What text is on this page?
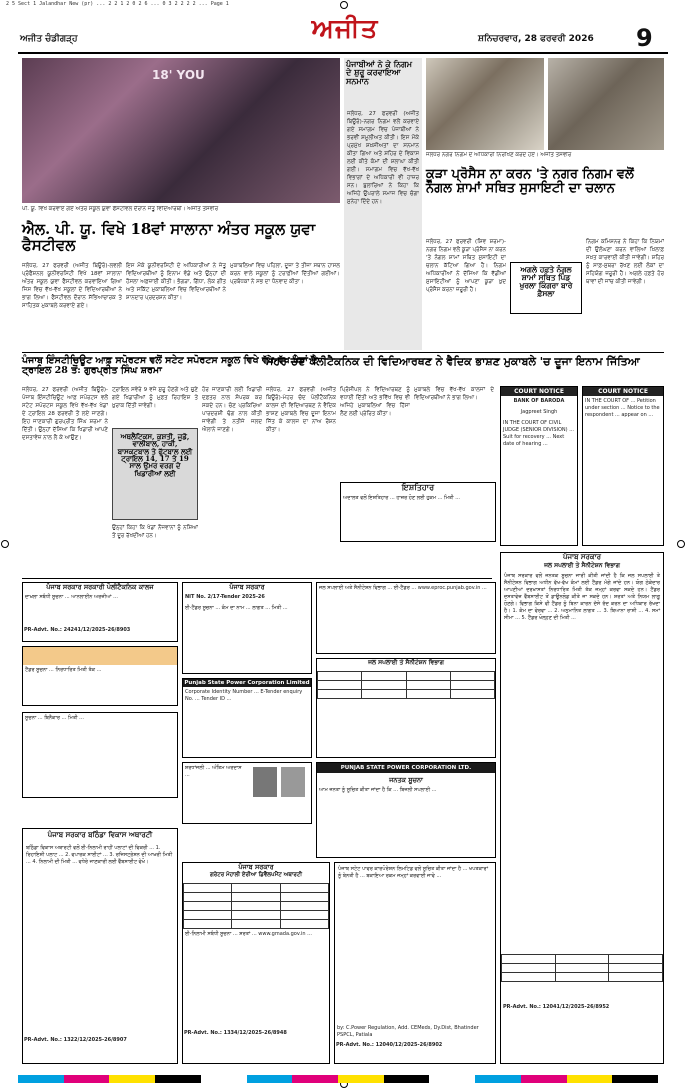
2 5 Sect 1 Jalandhar New (pr) ... 2 2 1 2 0 2 6 ... 0 3 2 2 2 2 ... Page 1
ਅਜੀਤ ਚੰਡੀਗੜ੍ਹ	ਅਜੀਤ	ਸ਼ਨਿਚਰਵਾਰ, 28 ਫਰਵਰੀ 2026 9
18' YOU
ਪੀ. ਯੂ. ਵਿਖੇ ਕਰਵਾਏ ਗਏ ਅੰਤਰ ਸਕੂਲ ਯੁਵਾ ਫੈਸਟੀਵਲ ਦੌਰਾਨ ਜੇਤੂ ਵਿਦਿਆਰਥੀ। ਅਜੀਤ ਤਸਵੀਰ
ਐਲ. ਪੀ. ਯੂ. ਵਿਖੇ 18ਵਾਂ ਸਾਲਾਨਾ ਅੰਤਰ ਸਕੂਲ ਯੁਵਾ ਫੈਸਟੀਵਲ
ਜਲੰਧਰ, 27 ਫਰਵਰੀ (ਅਜੀਤ ਬਿਊਰੋ)-ਲਵਲੀ ਪ੍ਰੋਫੈਸ਼ਨਲ ਯੂਨੀਵਰਸਿਟੀ ਵਿਖੇ 18ਵਾਂ ਸਾਲਾਨਾ ਅੰਤਰ ਸਕੂਲ ਯੁਵਾ ਫੈਸਟੀਵਲ ਕਰਵਾਇਆ ਗਿਆ ਜਿਸ ਵਿਚ ਵੱਖ-ਵੱਖ ਸਕੂਲਾਂ ਦੇ ਵਿਦਿਆਰਥੀਆਂ ਨੇ ਭਾਗ ਲਿਆ। ਫੈਸਟੀਵਲ ਦੌਰਾਨ ਸੱਭਿਆਚਾਰਕ ਤੇ ਸਾਹਿਤਕ ਮੁਕਾਬਲੇ ਕਰਵਾਏ ਗਏ।
ਇਸ ਮੌਕੇ ਯੂਨੀਵਰਸਿਟੀ ਦੇ ਅਧਿਕਾਰੀਆਂ ਨੇ ਜੇਤੂ ਵਿਦਿਆਰਥੀਆਂ ਨੂੰ ਇਨਾਮ ਵੰਡੇ ਅਤੇ ਉਨ੍ਹਾਂ ਦੀ ਹੌਸਲਾ ਅਫ਼ਜ਼ਾਈ ਕੀਤੀ। ਭੰਗੜਾ, ਗਿੱਧਾ, ਲੋਕ ਗੀਤ ਅਤੇ ਸਕਿੱਟ ਮੁਕਾਬਲਿਆਂ ਵਿਚ ਵਿਦਿਆਰਥੀਆਂ ਨੇ ਸ਼ਾਨਦਾਰ ਪ੍ਰਦਰਸ਼ਨ ਕੀਤਾ।
ਮੁਕਾਬਲਿਆਂ ਵਿਚ ਪਹਿਲਾ, ਦੂਜਾ ਤੇ ਤੀਜਾ ਸਥਾਨ ਹਾਸਲ ਕਰਨ ਵਾਲੇ ਸਕੂਲਾਂ ਨੂੰ ਟਰਾਫ਼ੀਆਂ ਦਿੱਤੀਆਂ ਗਈਆਂ। ਪ੍ਰਬੰਧਕਾਂ ਨੇ ਸਭ ਦਾ ਧੰਨਵਾਦ ਕੀਤਾ।
ਪੰਜਾਬੀਆਂ ਨੇ ਕੇ ਨਿਗਮ ਦੇ ਸ਼ੁਰੂ ਕਰਵਾਇਆ ਸਨਮਾਨ
ਜਲੰਧਰ, 27 ਫਰਵਰੀ (ਅਜੀਤ ਬਿਊਰੋ)-ਨਗਰ ਨਿਗਮ ਵਲੋਂ ਕਰਵਾਏ ਗਏ ਸਮਾਗਮ ਵਿਚ ਪੰਜਾਬੀਆਂ ਨੇ ਭਰਵੀਂ ਸ਼ਮੂਲੀਅਤ ਕੀਤੀ। ਇਸ ਮੌਕੇ ਪ੍ਰਮੁੱਖ ਸ਼ਖ਼ਸੀਅਤਾਂ ਦਾ ਸਨਮਾਨ ਕੀਤਾ ਗਿਆ ਅਤੇ ਸ਼ਹਿਰ ਦੇ ਵਿਕਾਸ ਲਈ ਕੀਤੇ ਕੰਮਾਂ ਦੀ ਸ਼ਲਾਘਾ ਕੀਤੀ ਗਈ। ਸਮਾਗਮ ਵਿਚ ਵੱਖ-ਵੱਖ ਵਿਭਾਗਾਂ ਦੇ ਅਧਿਕਾਰੀ ਵੀ ਹਾਜ਼ਰ ਸਨ। ਬੁਲਾਰਿਆਂ ਨੇ ਕਿਹਾ ਕਿ ਅਜਿਹੇ ਉਪਰਾਲੇ ਸਮਾਜ ਵਿਚ ਚੰਗਾ ਸੁਨੇਹਾ ਦਿੰਦੇ ਹਨ।
ਜਲੰਧਰ ਨਗਰ ਨਿਗਮ ਦੇ ਅਧਿਕਾਰੀ ਨਿਰੀਖਣ ਕਰਦੇ ਹੋਏ। ਅਜੀਤ ਤਸਵੀਰ
ਕੂੜਾ ਪ੍ਰੋਸੈਸ ਨਾ ਕਰਨ 'ਤੇ ਨਗਰ ਨਿਗਮ ਵਲੋਂ ਨੰਗਲ ਸ਼ਾਮਾਂ ਸਥਿਤ ਸੁਸਾਇਟੀ ਦਾ ਚਲਾਨ
ਜਲੰਧਰ, 27 ਫਰਵਰੀ (ਸ਼ਿਵ ਸ਼ਰਮਾ)-ਨਗਰ ਨਿਗਮ ਵਲੋਂ ਕੂੜਾ ਪ੍ਰੋਸੈਸ ਨਾ ਕਰਨ 'ਤੇ ਨੰਗਲ ਸ਼ਾਮਾਂ ਸਥਿਤ ਸੁਸਾਇਟੀ ਦਾ ਚਲਾਨ ਕੱਟਿਆ ਗਿਆ ਹੈ। ਨਿਗਮ ਅਧਿਕਾਰੀਆਂ ਨੇ ਦੱਸਿਆ ਕਿ ਵੱਡੀਆਂ ਸੁਸਾਇਟੀਆਂ ਨੂੰ ਆਪਣਾ ਕੂੜਾ ਖ਼ੁਦ ਪ੍ਰੋਸੈਸ ਕਰਨਾ ਜ਼ਰੂਰੀ ਹੈ।
ਅਗਲੇ ਹਫ਼ਤੇ ਨੰਗਲ ਸ਼ਾਮਾਂ ਸਥਿਤ ਪਿੰਡ ਖੁਰਲਾ ਕਿੰਗਰਾ ਬਾਰੇ ਫ਼ੈਸਲਾ
ਨਿਗਮ ਕਮਿਸ਼ਨਰ ਨੇ ਕਿਹਾ ਕਿ ਨਿਯਮਾਂ ਦੀ ਉਲੰਘਣਾ ਕਰਨ ਵਾਲਿਆਂ ਖ਼ਿਲਾਫ਼ ਸਖ਼ਤ ਕਾਰਵਾਈ ਕੀਤੀ ਜਾਵੇਗੀ। ਸ਼ਹਿਰ ਨੂੰ ਸਾਫ਼-ਸੁਥਰਾ ਰੱਖਣ ਲਈ ਲੋਕਾਂ ਦਾ ਸਹਿਯੋਗ ਜ਼ਰੂਰੀ ਹੈ। ਅਗਲੇ ਹਫ਼ਤੇ ਹੋਰ ਥਾਵਾਂ ਦੀ ਜਾਂਚ ਕੀਤੀ ਜਾਵੇਗੀ।
ਪੰਜਾਬ ਇੰਸਟੀਚਿਊਟ ਆਫ਼ ਸਪੋਰਟਸ ਵਲੋਂ ਸਟੇਟ ਸਪੋਰਟਸ ਸਕੂਲ ਵਿਖੇ ਵੱਖ-ਵੱਖ ਖੇਡਾਂ ਦੇ ਟ੍ਰਾਇਲ 28 ਤੋਂ: ਗੁਰਪ੍ਰੀਤ ਸਿੰਘ ਸ਼ਰਮਾ
ਜਲੰਧਰ, 27 ਫਰਵਰੀ (ਅਜੀਤ ਬਿਊਰੋ)-ਪੰਜਾਬ ਇੰਸਟੀਚਿਊਟ ਆਫ਼ ਸਪੋਰਟਸ ਵਲੋਂ ਸਟੇਟ ਸਪੋਰਟਸ ਸਕੂਲ ਵਿਖੇ ਵੱਖ-ਵੱਖ ਖੇਡਾਂ ਦੇ ਟ੍ਰਾਇਲ 28 ਫਰਵਰੀ ਤੋਂ ਲਏ ਜਾਣਗੇ। ਇਹ ਜਾਣਕਾਰੀ ਗੁਰਪ੍ਰੀਤ ਸਿੰਘ ਸ਼ਰਮਾ ਨੇ ਦਿੱਤੀ। ਉਨ੍ਹਾਂ ਦੱਸਿਆ ਕਿ ਖਿਡਾਰੀ ਆਪਣੇ ਦਸਤਾਵੇਜ਼ ਨਾਲ ਲੈ ਕੇ ਆਉਣ।
ਟ੍ਰਾਇਲ ਸਵੇਰੇ 9 ਵਜੇ ਸ਼ੁਰੂ ਹੋਣਗੇ ਅਤੇ ਚੁਣੇ ਗਏ ਖਿਡਾਰੀਆਂ ਨੂੰ ਮੁਫ਼ਤ ਰਿਹਾਇਸ਼ ਤੇ ਖ਼ੁਰਾਕ ਦਿੱਤੀ ਜਾਵੇਗੀ।
ਅਥਲੈਟਿਕਸ, ਕੁਸ਼ਤੀ, ਜੂਡੋ, ਵਾਲੀਬਾਲ, ਹਾਕੀ, ਬਾਸਕਟਬਾਲ ਤੇ ਫੁੱਟਬਾਲ ਲਈ ਟ੍ਰਾਇਲ 14, 17 ਤੇ 19 ਸਾਲ ਉਮਰ ਵਰਗ ਦੇ ਖਿਡਾਰੀਆਂ ਲਈ
ਉਨ੍ਹਾਂ ਕਿਹਾ ਕਿ ਖੇਡਾਂ ਨੌਜਵਾਨਾਂ ਨੂੰ ਨਸ਼ਿਆਂ ਤੋਂ ਦੂਰ ਰੱਖਦੀਆਂ ਹਨ।
ਹੋਰ ਜਾਣਕਾਰੀ ਲਈ ਖਿਡਾਰੀ ਦਫ਼ਤਰ ਨਾਲ ਸੰਪਰਕ ਕਰ ਸਕਦੇ ਹਨ। ਚੋਣ ਪ੍ਰਕਿਰਿਆ ਪਾਰਦਰਸ਼ੀ ਢੰਗ ਨਾਲ ਕੀਤੀ ਜਾਵੇਗੀ ਤੇ ਨਤੀਜੇ ਜਲਦ ਐਲਾਨੇ ਜਾਣਗੇ।
ਮੇਹਰ ਚੰਦ ਪੋਲੀਟੈਕਨਿਕ ਦੀ ਵਿਦਿਆਰਥਣ ਨੇ ਵੈਦਿਕ ਭਾਸ਼ਣ ਮੁਕਾਬਲੇ 'ਚ ਦੂਜਾ ਇਨਾਮ ਜਿੱਤਿਆ
ਜਲੰਧਰ, 27 ਫਰਵਰੀ (ਅਜੀਤ ਬਿਊਰੋ)-ਮੇਹਰ ਚੰਦ ਪੋਲੀਟੈਕਨਿਕ ਕਾਲਜ ਦੀ ਵਿਦਿਆਰਥਣ ਨੇ ਵੈਦਿਕ ਭਾਸ਼ਣ ਮੁਕਾਬਲੇ ਵਿਚ ਦੂਜਾ ਇਨਾਮ ਜਿੱਤ ਕੇ ਕਾਲਜ ਦਾ ਨਾਂਅ ਰੌਸ਼ਨ ਕੀਤਾ।
ਪ੍ਰਿੰਸੀਪਲ ਨੇ ਵਿਦਿਆਰਥਣ ਨੂੰ ਵਧਾਈ ਦਿੱਤੀ ਅਤੇ ਭਵਿੱਖ ਵਿਚ ਵੀ ਅਜਿਹੇ ਮੁਕਾਬਲਿਆਂ ਵਿਚ ਹਿੱਸਾ ਲੈਣ ਲਈ ਪ੍ਰੇਰਿਤ ਕੀਤਾ।
ਮੁਕਾਬਲੇ ਵਿਚ ਵੱਖ-ਵੱਖ ਕਾਲਜਾਂ ਦੇ ਵਿਦਿਆਰਥੀਆਂ ਨੇ ਭਾਗ ਲਿਆ।
COURT NOTICE
BANK OF BARODA
Jagpreet Singh
IN THE COURT OF CIVIL JUDGE (SENIOR DIVISION) ... Suit for recovery ... Next date of hearing ...
COURT NOTICE
IN THE COURT OF ... Petition under section ... Notice to the respondent ... appear on ...
ਇਸ਼ਤਿਹਾਰ
ਅਦਾਲਤ ਵਲੋਂ ਇਸ਼ਤਿਹਾਰ ... ਹਾਜ਼ਰ ਹੋਣ ਲਈ ਹੁਕਮ ... ਮਿਤੀ ...
ਪੰਜਾਬ ਸਰਕਾਰ
ਜਲ ਸਪਲਾਈ ਤੇ ਸੈਨੀਟੇਸ਼ਨ ਵਿਭਾਗ
ਪੰਜਾਬ ਸਰਕਾਰ ਵਲੋਂ ਜਨਤਕ ਸੂਚਨਾ ਜਾਰੀ ਕੀਤੀ ਜਾਂਦੀ ਹੈ ਕਿ ਜਲ ਸਪਲਾਈ ਤੇ ਸੈਨੀਟੇਸ਼ਨ ਵਿਭਾਗ ਅਧੀਨ ਵੱਖ-ਵੱਖ ਕੰਮਾਂ ਲਈ ਟੈਂਡਰ ਮੰਗੇ ਜਾਂਦੇ ਹਨ। ਯੋਗ ਠੇਕੇਦਾਰ ਆਪਣੀਆਂ ਦਰਖ਼ਾਸਤਾਂ ਨਿਰਧਾਰਿਤ ਮਿਤੀ ਤੱਕ ਜਮ੍ਹਾਂ ਕਰਵਾ ਸਕਦੇ ਹਨ। ਟੈਂਡਰ ਦਸਤਾਵੇਜ਼ ਵੈੱਬਸਾਈਟ ਤੋਂ ਡਾਊਨਲੋਡ ਕੀਤੇ ਜਾ ਸਕਦੇ ਹਨ। ਸ਼ਰਤਾਂ ਅਤੇ ਨਿਯਮ ਲਾਗੂ ਹੋਣਗੇ। ਵਿਭਾਗ ਕਿਸੇ ਵੀ ਟੈਂਡਰ ਨੂੰ ਬਿਨਾ ਕਾਰਨ ਦੱਸੇ ਰੱਦ ਕਰਨ ਦਾ ਅਧਿਕਾਰ ਰੱਖਦਾ ਹੈ। 1. ਕੰਮ ਦਾ ਵੇਰਵਾ ... 2. ਅਨੁਮਾਨਿਤ ਲਾਗਤ ... 3. ਬਿਆਨਾ ਰਾਸ਼ੀ ... 4. ਸਮਾਂ ਸੀਮਾ ... 5. ਟੈਂਡਰ ਖੋਲ੍ਹਣ ਦੀ ਮਿਤੀ ...

PR-Advt. No.: 12041/12/2025-26/8952
ਪੰਜਾਬ ਸਰਕਾਰ ਸਰਕਾਰੀ ਪੋਲੀਟੈਕਨਿਕ ਕਾਲਜ
ਦਾਖ਼ਲਾ ਸਬੰਧੀ ਸੂਚਨਾ ... ਆਨਲਾਈਨ ਅਰਜ਼ੀਆਂ ...
PR-Advt. No.: 24241/12/2025-26/8903
ਪੰਜਾਬ ਸਰਕਾਰ
NIT No. 2/17-Tender 2025-26
ਈ-ਟੈਂਡਰ ਸੂਚਨਾ ... ਕੰਮ ਦਾ ਨਾਮ ... ਲਾਗਤ ... ਮਿਤੀ ...
ਜਲ ਸਪਲਾਈ ਅਤੇ ਸੈਨੀਟੇਸ਼ਨ ਵਿਭਾਗ ... ਈ-ਟੈਂਡਰ ... www.eproc.punjab.gov.in ...
ਟੈਂਡਰ ਸੂਚਨਾ ... ਨਿਰਧਾਰਿਤ ਮਿਤੀ ਤੱਕ ...
Punjab State Power Corporation Limited
Corporate Identity Number ... E-Tender enquiry No. ... Tender ID ...
ਜਲ ਸਪਲਾਈ ਤੇ ਸੈਨੀਟੇਸ਼ਨ ਵਿਭਾਗ

ਸੂਚਨਾ ... ਬਿਨੈਕਾਰ ... ਮਿਤੀ ...
ਸ਼ਰਧਾਂਜਲੀ ... ਅੰਤਿਮ ਅਰਦਾਸ ...
PUNJAB STATE POWER CORPORATION LTD.
ਜਨਤਕ ਸੂਚਨਾ
ਆਮ ਜਨਤਾ ਨੂੰ ਸੂਚਿਤ ਕੀਤਾ ਜਾਂਦਾ ਹੈ ਕਿ ... ਬਿਜਲੀ ਸਪਲਾਈ ...
ਪੰਜਾਬ ਸਰਕਾਰ ਬਠਿੰਡਾ ਵਿਕਾਸ ਅਥਾਰਟੀ
ਬਠਿੰਡਾ ਵਿਕਾਸ ਅਥਾਰਟੀ ਵਲੋਂ ਈ-ਨਿਲਾਮੀ ਰਾਹੀਂ ਪਲਾਟਾਂ ਦੀ ਵਿਕਰੀ ... 1. ਰਿਹਾਇਸ਼ੀ ਪਲਾਟ ... 2. ਵਪਾਰਕ ਸਾਈਟਾਂ ... 3. ਰਜਿਸਟ੍ਰੇਸ਼ਨ ਦੀ ਆਖ਼ਰੀ ਮਿਤੀ ... 4. ਨਿਲਾਮੀ ਦੀ ਮਿਤੀ ... ਵਧੇਰੇ ਜਾਣਕਾਰੀ ਲਈ ਵੈੱਬਸਾਈਟ ਵੇਖੋ।
PR-Advt. No.: 1322/12/2025-26/8907
ਪੰਜਾਬ ਸਰਕਾਰ
ਗਰੇਟਰ ਮੋਹਾਲੀ ਏਰੀਆ ਡਿਵੈਲਪਮੈਂਟ ਅਥਾਰਟੀ

ਈ-ਨਿਲਾਮੀ ਸਬੰਧੀ ਸੂਚਨਾ ... ਸ਼ਰਤਾਂ ... www.gmada.gov.in ...
PR-Advt. No.: 1334/12/2025-26/8948
ਪੰਜਾਬ ਸਟੇਟ ਪਾਵਰ ਕਾਰਪੋਰੇਸ਼ਨ ਲਿਮਟਿਡ ਵਲੋਂ ਸੂਚਿਤ ਕੀਤਾ ਜਾਂਦਾ ਹੈ ... ਖਪਤਕਾਰਾਂ ਨੂੰ ਬੇਨਤੀ ਹੈ ... ਬਕਾਇਆ ਰਕਮ ਜਮ੍ਹਾਂ ਕਰਵਾਈ ਜਾਵੇ ...
by: C.Power Regulation, Add. CEMeds, Dy.Dist, Bhatinder PSPCL, Patiala
PR-Advt. No.: 12040/12/2025-26/8902
